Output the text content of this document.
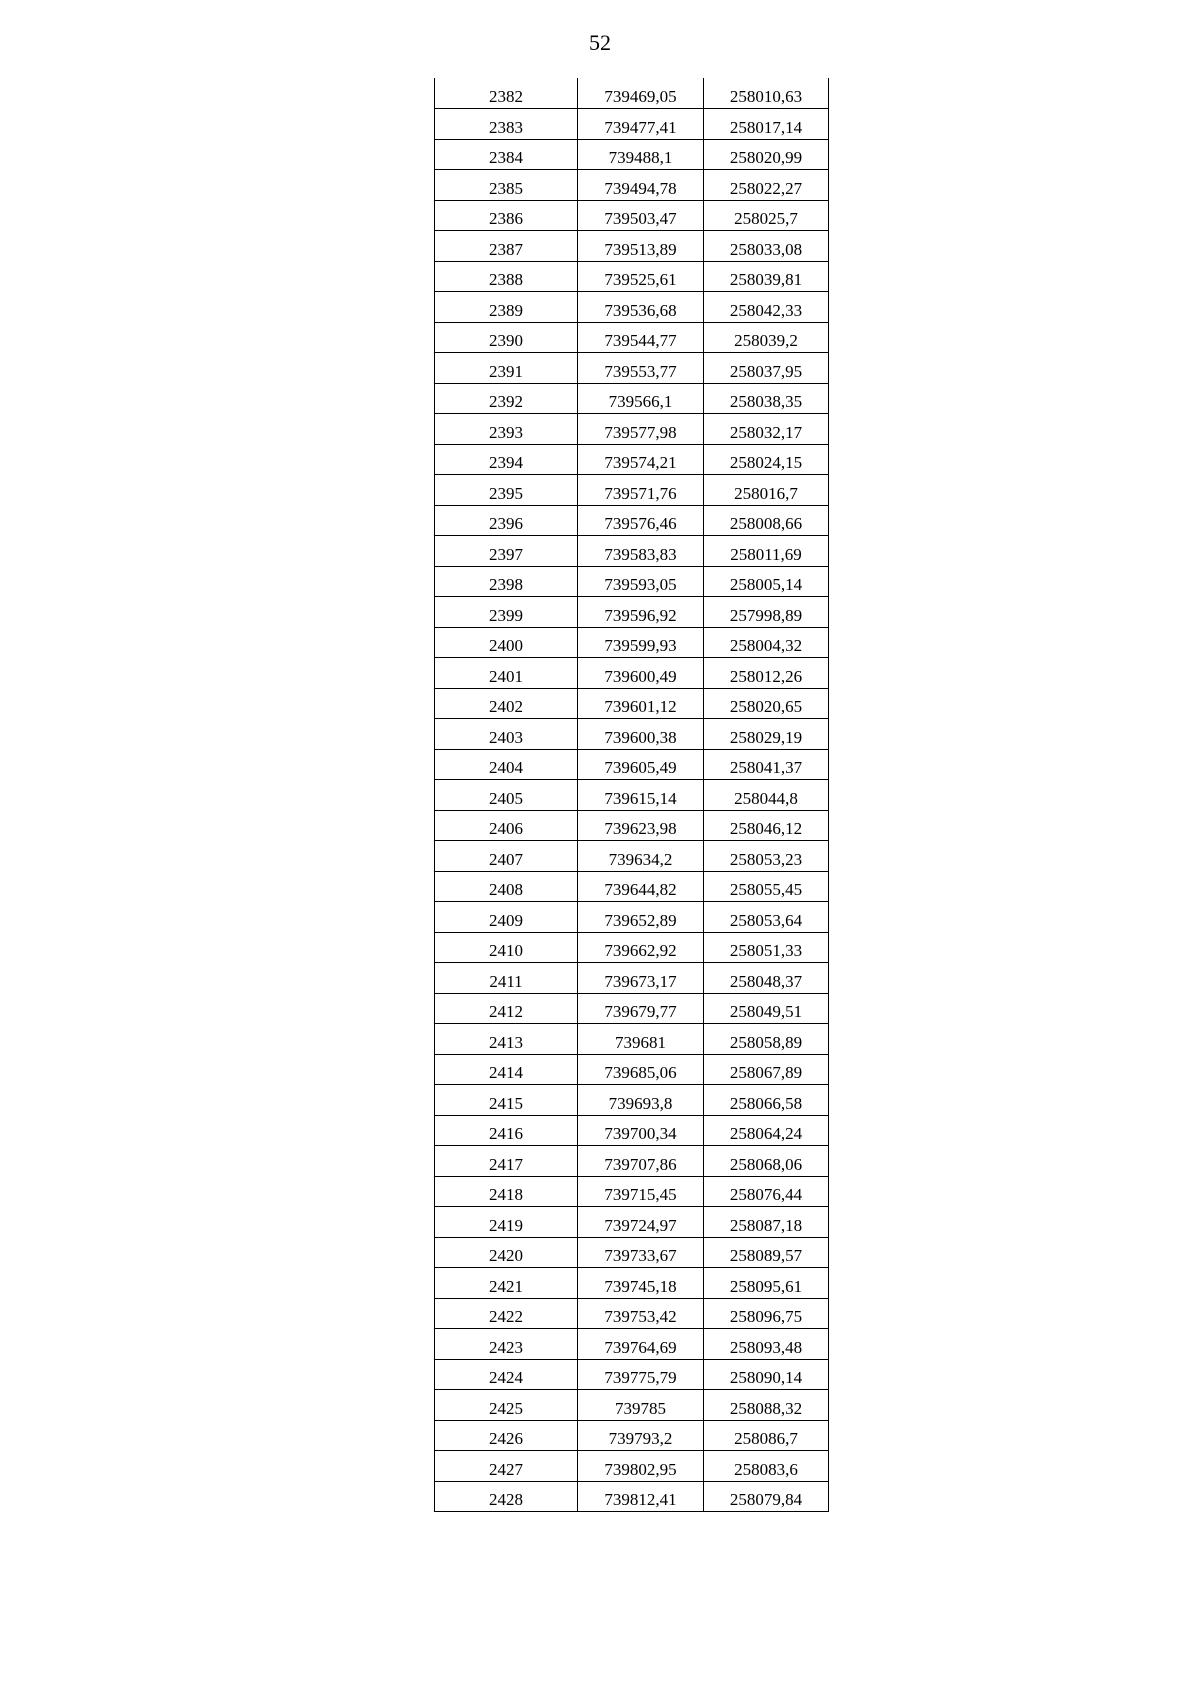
52
2382	739469,05	258010,63
2383	739477,41	258017,14
2384	739488,1	258020,99
2385	739494,78	258022,27
2386	739503,47	258025,7
2387	739513,89	258033,08
2388	739525,61	258039,81
2389	739536,68	258042,33
2390	739544,77	258039,2
2391	739553,77	258037,95
2392	739566,1	258038,35
2393	739577,98	258032,17
2394	739574,21	258024,15
2395	739571,76	258016,7
2396	739576,46	258008,66
2397	739583,83	258011,69
2398	739593,05	258005,14
2399	739596,92	257998,89
2400	739599,93	258004,32
2401	739600,49	258012,26
2402	739601,12	258020,65
2403	739600,38	258029,19
2404	739605,49	258041,37
2405	739615,14	258044,8
2406	739623,98	258046,12
2407	739634,2	258053,23
2408	739644,82	258055,45
2409	739652,89	258053,64
2410	739662,92	258051,33
2411	739673,17	258048,37
2412	739679,77	258049,51
2413	739681	258058,89
2414	739685,06	258067,89
2415	739693,8	258066,58
2416	739700,34	258064,24
2417	739707,86	258068,06
2418	739715,45	258076,44
2419	739724,97	258087,18
2420	739733,67	258089,57
2421	739745,18	258095,61
2422	739753,42	258096,75
2423	739764,69	258093,48
2424	739775,79	258090,14
2425	739785	258088,32
2426	739793,2	258086,7
2427	739802,95	258083,6
2428	739812,41	258079,84
